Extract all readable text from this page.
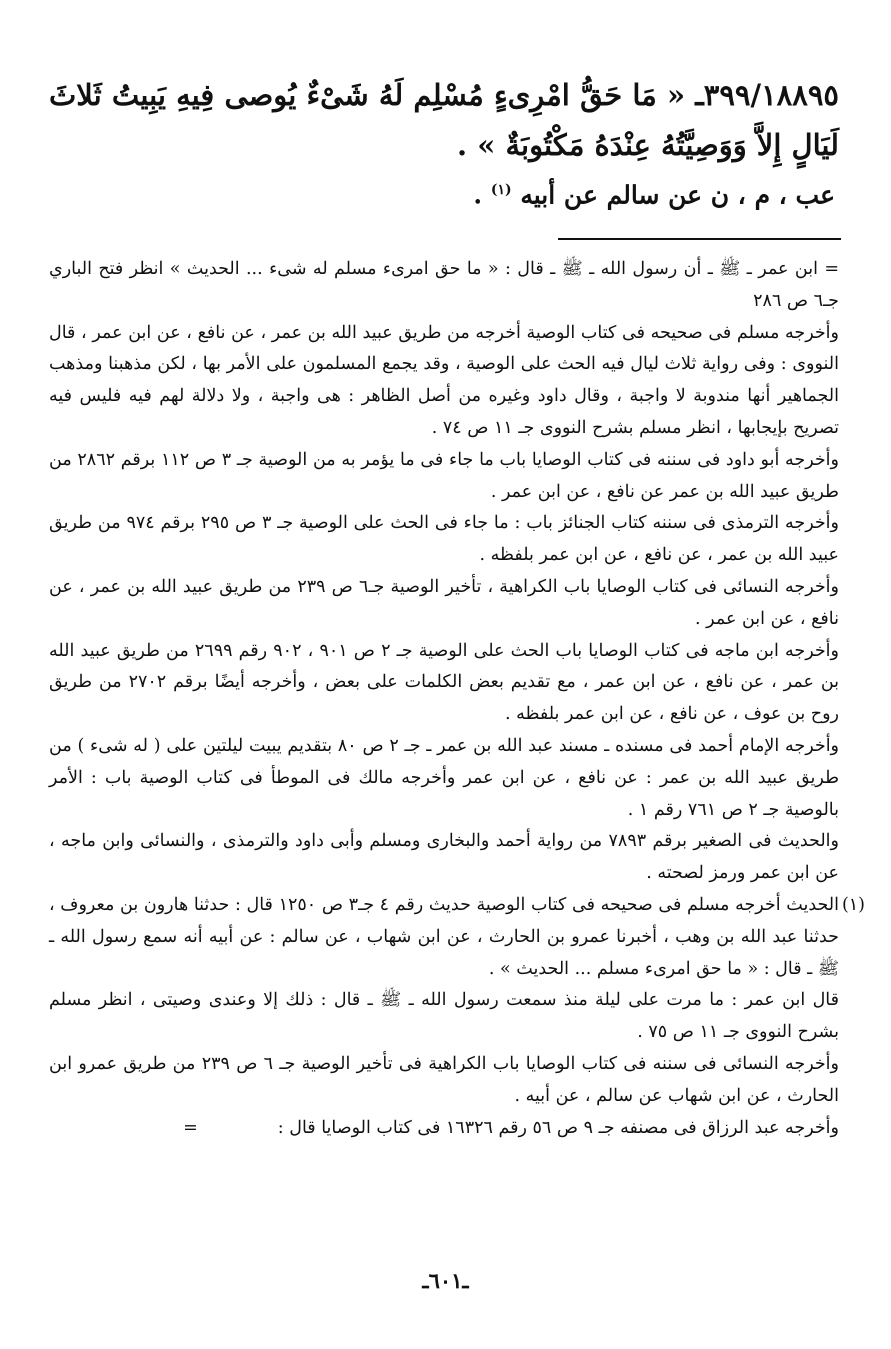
٣٩٩/١٨٨٩٥ـ « مَا حَقُّ امْرِىءٍ مُسْلِم لَهُ شَىْءٌ يُوصى فِيهِ يَبِيتُ ثَلاثَ لَيَالٍ إِلاَّ وَوَصِيَّتُهُ عِنْدَهُ مَكْتُوبَةٌ » .
عب ، م ، ن عن سالم عن أبيه $^{(١)}$ .

= ابن عمر ـ ﷺ ـ أن رسول الله ـ ﷺ ـ قال : « ما حق امرىء مسلم له شىء ... الحديث » انظر فتح الباري جـ٦ ص ٢٨٦

وأخرجه مسلم فى صحيحه فى كتاب الوصية أخرجه من طريق عبيد الله بن عمر ، عن نافع ، عن ابن عمر ، قال النووى : وفى رواية ثلاث ليال فيه الحث على الوصية ، وقد يجمع المسلمون على الأمر بها ، لكن مذهبنا ومذهب الجماهير أنها مندوبة لا واجبة ، وقال داود وغيره من أصل الظاهر : هى واجبة ، ولا دلالة لهم فيه فليس فيه تصريح بإيجابها ، انظر مسلم بشرح النووى جـ ١١ ص ٧٤ .

وأخرجه أبو داود فى سننه فى كتاب الوصايا باب ما جاء فى ما يؤمر به من الوصية جـ ٣ ص ١١٢ برقم ٢٨٦٢ من طريق عبيد الله بن عمر عن نافع ، عن ابن عمر .

وأخرجه الترمذى فى سننه كتاب الجنائز باب : ما جاء فى الحث على الوصية جـ ٣ ص ٢٩٥ برقم ٩٧٤ من طريق عبيد الله بن عمر ، عن نافع ، عن ابن عمر بلفظه .

وأخرجه النسائى فى كتاب الوصايا باب الكراهية ، تأخير الوصية جـ٦ ص ٢٣٩ من طريق عبيد الله بن عمر ، عن نافع ، عن ابن عمر .

وأخرجه ابن ماجه فى كتاب الوصايا باب الحث على الوصية جـ ٢ ص ٩٠١ ، ٩٠٢ رقم ٢٦٩٩ من طريق عبيد الله بن عمر ، عن نافع ، عن ابن عمر ، مع تقديم بعض الكلمات على بعض ، وأخرجه أيضًا برقم ٢٧٠٢ من طريق روح بن عوف ، عن نافع ، عن ابن عمر بلفظه .

وأخرجه الإمام أحمد فى مسنده ـ مسند عبد الله بن عمر ـ جـ ٢ ص ٨٠ بتقديم يبيت ليلتين على ( له شىء ) من طريق عبيد الله بن عمر : عن نافع ، عن ابن عمر وأخرجه مالك فى الموطأ فى كتاب الوصية باب : الأمر بالوصية جـ ٢ ص ٧٦١ رقم ١ .

والحديث فى الصغير برقم ٧٨٩٣ من رواية أحمد والبخارى ومسلم وأبى داود والترمذى ، والنسائى وابن ماجه ، عن ابن عمر ورمز لصحته .

(١)

الحديث أخرجه مسلم فى صحيحه فى كتاب الوصية حديث رقم ٤ جـ٣ ص ١٢٥٠ قال : حدثنا هارون بن معروف ، حدثنا عبد الله بن وهب ، أخبرنا عمرو بن الحارث ، عن ابن شهاب ، عن سالم : عن أبيه أنه سمع رسول الله ـ ﷺ ـ قال : « ما حق امرىء مسلم ... الحديث » .

قال ابن عمر : ما مرت على ليلة منذ سمعت رسول الله ـ ﷺ ـ قال : ذلك إلا وعندى وصيتى ، انظر مسلم بشرح النووى جـ ١١ ص ٧٥ .

وأخرجه النسائى فى سننه فى كتاب الوصايا باب الكراهية فى تأخير الوصية جـ ٦ ص ٢٣٩ من طريق عمرو ابن الحارث ، عن ابن شهاب عن سالم ، عن أبيه .

وأخرجه عبد الرزاق فى مصنفه جـ ٩ ص ٥٦ رقم ١٦٣٢٦ فى كتاب الوصايا قال :=

ـ٦٠١ـ
